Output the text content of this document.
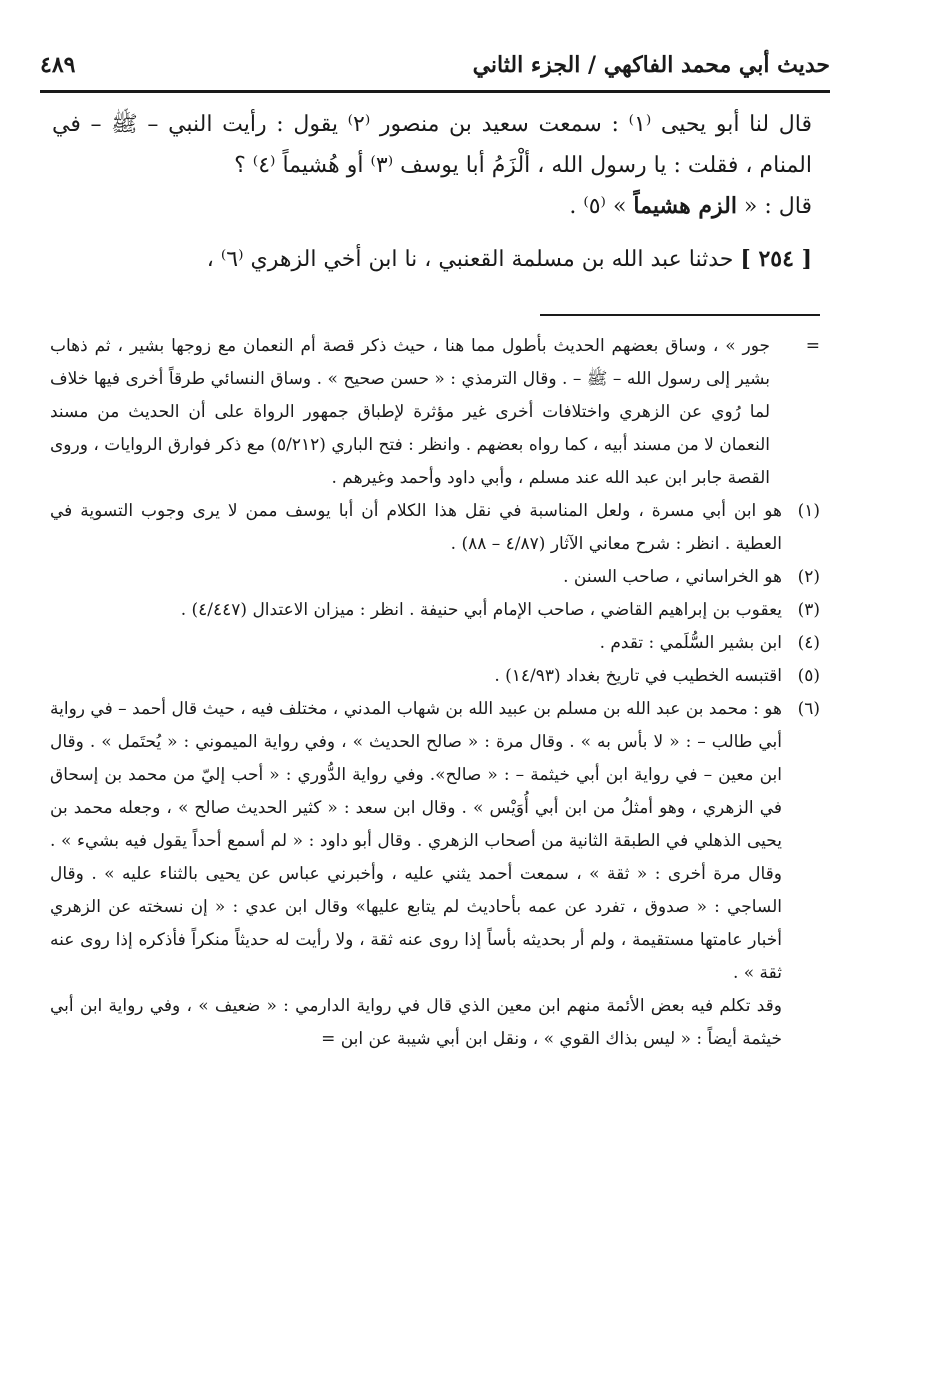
حديث أبي محمد الفاكهي / الجزء الثاني
٤٨٩

قال لنا أبو يحيى ⁽١⁾ : سمعت سعيد بن منصور ⁽٢⁾ يقول : رأيت النبي – ﷺ – في المنام ، فقلت : يا رسول الله ، ألْزَمُ أبا يوسف ⁽٣⁾ أو هُشيماً ⁽٤⁾ ؟

قال : « الزم هشيماً » ⁽٥⁾ .

[ ٢٥٤ ] حدثنا عبد الله بن مسلمة القعنبي ، نا ابن أخي الزهري ⁽٦⁾ ،

=
جور » ، وساق بعضهم الحديث بأطول مما هنا ، حيث ذكر قصة أم النعمان مع زوجها بشير ، ثم ذهاب بشير إلى رسول الله – ﷺ – . وقال الترمذي : « حسن صحيح » . وساق النسائي طرقاً أخرى فيها خلاف لما رُوي عن الزهري واختلافات أخرى غير مؤثرة لإطباق جمهور الرواة على أن الحديث من مسند النعمان لا من مسند أبيه ، كما رواه بعضهم . وانظر : فتح الباري (٥/٢١٢) مع ذكر فوارق الروايات ، وروى القصة جابر ابن عبد الله عند مسلم ، وأبي داود وأحمد وغيرهم .

(١)
هو ابن أبي مسرة ، ولعل المناسبة في نقل هذا الكلام أن أبا يوسف ممن لا يرى وجوب التسوية في العطية . انظر : شرح معاني الآثار (٤/٨٧ – ٨٨) .

(٢)
هو الخراساني ، صاحب السنن .

(٣)
يعقوب بن إبراهيم القاضي ، صاحب الإمام أبي حنيفة . انظر : ميزان الاعتدال (٤/٤٤٧) .

(٤)
ابن بشير السُّلَمي : تقدم .

(٥)
اقتبسه الخطيب في تاريخ بغداد (١٤/٩٣) .

(٦)
هو : محمد بن عبد الله بن مسلم بن عبيد الله بن شهاب المدني ، مختلف فيه ، حيث قال أحمد – في رواية أبي طالب – : « لا بأس به » . وقال مرة : « صالح الحديث » ، وفي رواية الميموني : « يُحتَمل » . وقال ابن معين – في رواية ابن أبي خيثمة – : « صالح». وفي رواية الدُّوري : « أحب إليّ من محمد بن إسحاق في الزهري ، وهو أمثلُ من ابن أبي أُوَيْس » . وقال ابن سعد : « كثير الحديث صالح » ، وجعله محمد بن يحيى الذهلي في الطبقة الثانية من أصحاب الزهري . وقال أبو داود : « لم أسمع أحداً يقول فيه بشيء » . وقال مرة أخرى : « ثقة » ، سمعت أحمد يثني عليه ، وأخبرني عباس عن يحيى بالثناء عليه » . وقال الساجي : « صدوق ، تفرد عن عمه بأحاديث لم يتابع عليها» وقال ابن عدي : « إن نسخته عن الزهري أخبار عامتها مستقيمة ، ولم أر بحديثه بأساً إذا روى عنه ثقة ، ولا رأيت له حديثاً منكراً فأذكره إذا روى عنه ثقة » .

وقد تكلم فيه بعض الأئمة منهم ابن معين الذي قال في رواية الدارمي : « ضعيف » ، وفي رواية ابن أبي خيثمة أيضاً : « ليس بذاك القوي » ، ونقل ابن أبي شيبة عن ابن =
